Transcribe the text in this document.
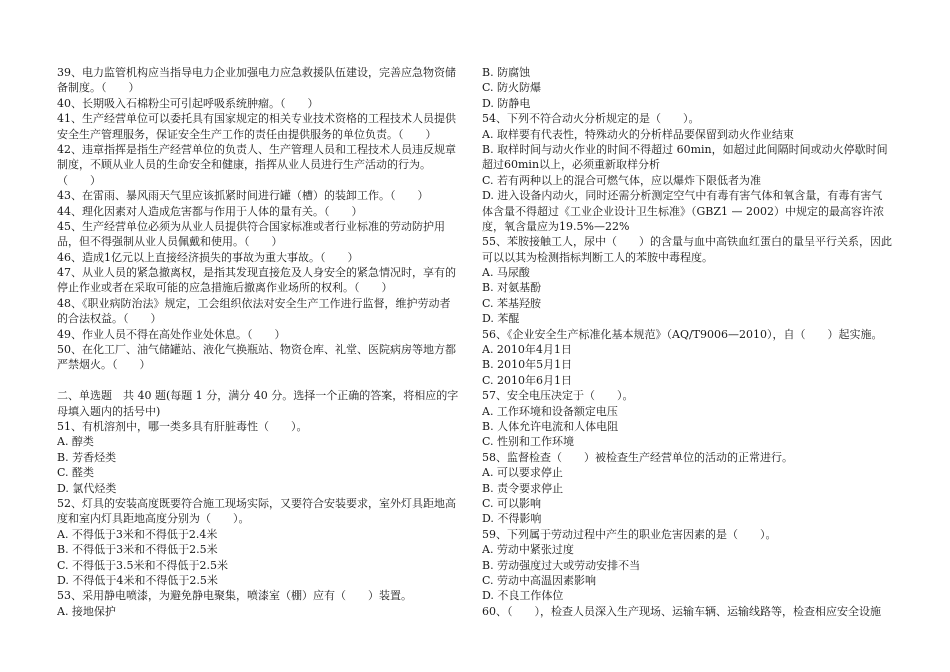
39、电力监管机构应当指导电力企业加强电力应急救援队伍建设，完善应急物资储
备制度。（　　）
40、长期吸入石棉粉尘可引起呼吸系统肿瘤。（　　）
41、生产经营单位可以委托具有国家规定的相关专业技术资格的工程技术人员提供
安全生产管理服务，保证安全生产工作的责任由提供服务的单位负责。（　　）
42、违章指挥是指生产经营单位的负责人、生产管理人员和工程技术人员违反规章
制度，不顾从业人员的生命安全和健康，指挥从业人员进行生产活动的行为。
（　　）
43、在雷雨、暴风雨天气里应该抓紧时间进行罐（槽）的装卸工作。（　　）
44、理化因素对人造成危害都与作用于人体的量有关。（　　）
45、生产经营单位必须为从业人员提供符合国家标准或者行业标准的劳动防护用
品，但不得强制从业人员佩戴和使用。（　　）
46、造成1亿元以上直接经济损失的事故为重大事故。（　　）
47、从业人员的紧急撤离权，是指其发现直接危及人身安全的紧急情况时，享有的
停止作业或者在采取可能的应急措施后撤离作业场所的权利。（　　）
48、《职业病防治法》规定，工会组织依法对安全生产工作进行监督，维护劳动者
的合法权益。（　　）
49、作业人员不得在高处作业处休息。（　　）
50、在化工厂、油气储罐站、液化气换瓶站、物资仓库、礼堂、医院病房等地方都
严禁烟火。（　　）
二、单选题　共 40 题(每题 1 分，满分 40 分。选择一个正确的答案，将相应的字
母填入题内的括号中)
51、有机溶剂中，哪一类多具有肝脏毒性（　　）。
A. 醇类
B. 芳香烃类
C. 醛类
D. 氯代烃类
52、灯具的安装高度既要符合施工现场实际，又要符合安装要求，室外灯具距地高
度和室内灯具距地高度分别为（　　）。
A. 不得低于3米和不得低于2.4米
B. 不得低于3米和不得低于2.5米
C. 不得低于3.5米和不得低于2.5米
D. 不得低于4米和不得低于2.5米
53、采用静电喷漆，为避免静电聚集，喷漆室（棚）应有（　　）装置。
A. 接地保护
B. 防腐蚀
C. 防火防爆
D. 防静电
54、下列不符合动火分析规定的是（　　）。
A. 取样要有代表性，特殊动火的分析样品要保留到动火作业结束
B. 取样时间与动火作业的时间不得超过 60min，如超过此间隔时间或动火停歇时间
超过60min以上，必须重新取样分析
C. 若有两种以上的混合可燃气体，应以爆炸下限低者为准
D. 进入设备内动火，同时还需分析测定空气中有毒有害气体和氧含量，有毒有害气
体含量不得超过《工业企业设计卫生标准》（GBZ1 — 2002）中规定的最高容许浓
度，氧含量应为19.5%—22%
55、苯胺接触工人，尿中（　　）的含量与血中高铁血红蛋白的量呈平行关系，因此
可以以其为检测指标判断工人的苯胺中毒程度。
A. 马尿酸
B. 对氨基酚
C. 苯基羟胺
D. 苯醌
56、《企业安全生产标准化基本规范》（AQ/T9006—2010），自（　　）起实施。
A. 2010年4月1日
B. 2010年5月1日
C. 2010年6月1日
57、安全电压决定于（　　）。
A. 工作环境和设备额定电压
B. 人体允许电流和人体电阻
C. 性别和工作环境
58、监督检查（　　）被检查生产经营单位的活动的正常进行。
A. 可以要求停止
B. 责令要求停止
C. 可以影响
D. 不得影响
59、下列属于劳动过程中产生的职业危害因素的是（　　）。
A. 劳动中紧张过度
B. 劳动强度过大或劳动安排不当
C. 劳动中高温因素影响
D. 不良工作体位
60、（　　），检查人员深入生产现场、运输车辆、运输线路等，检查相应安全设施
